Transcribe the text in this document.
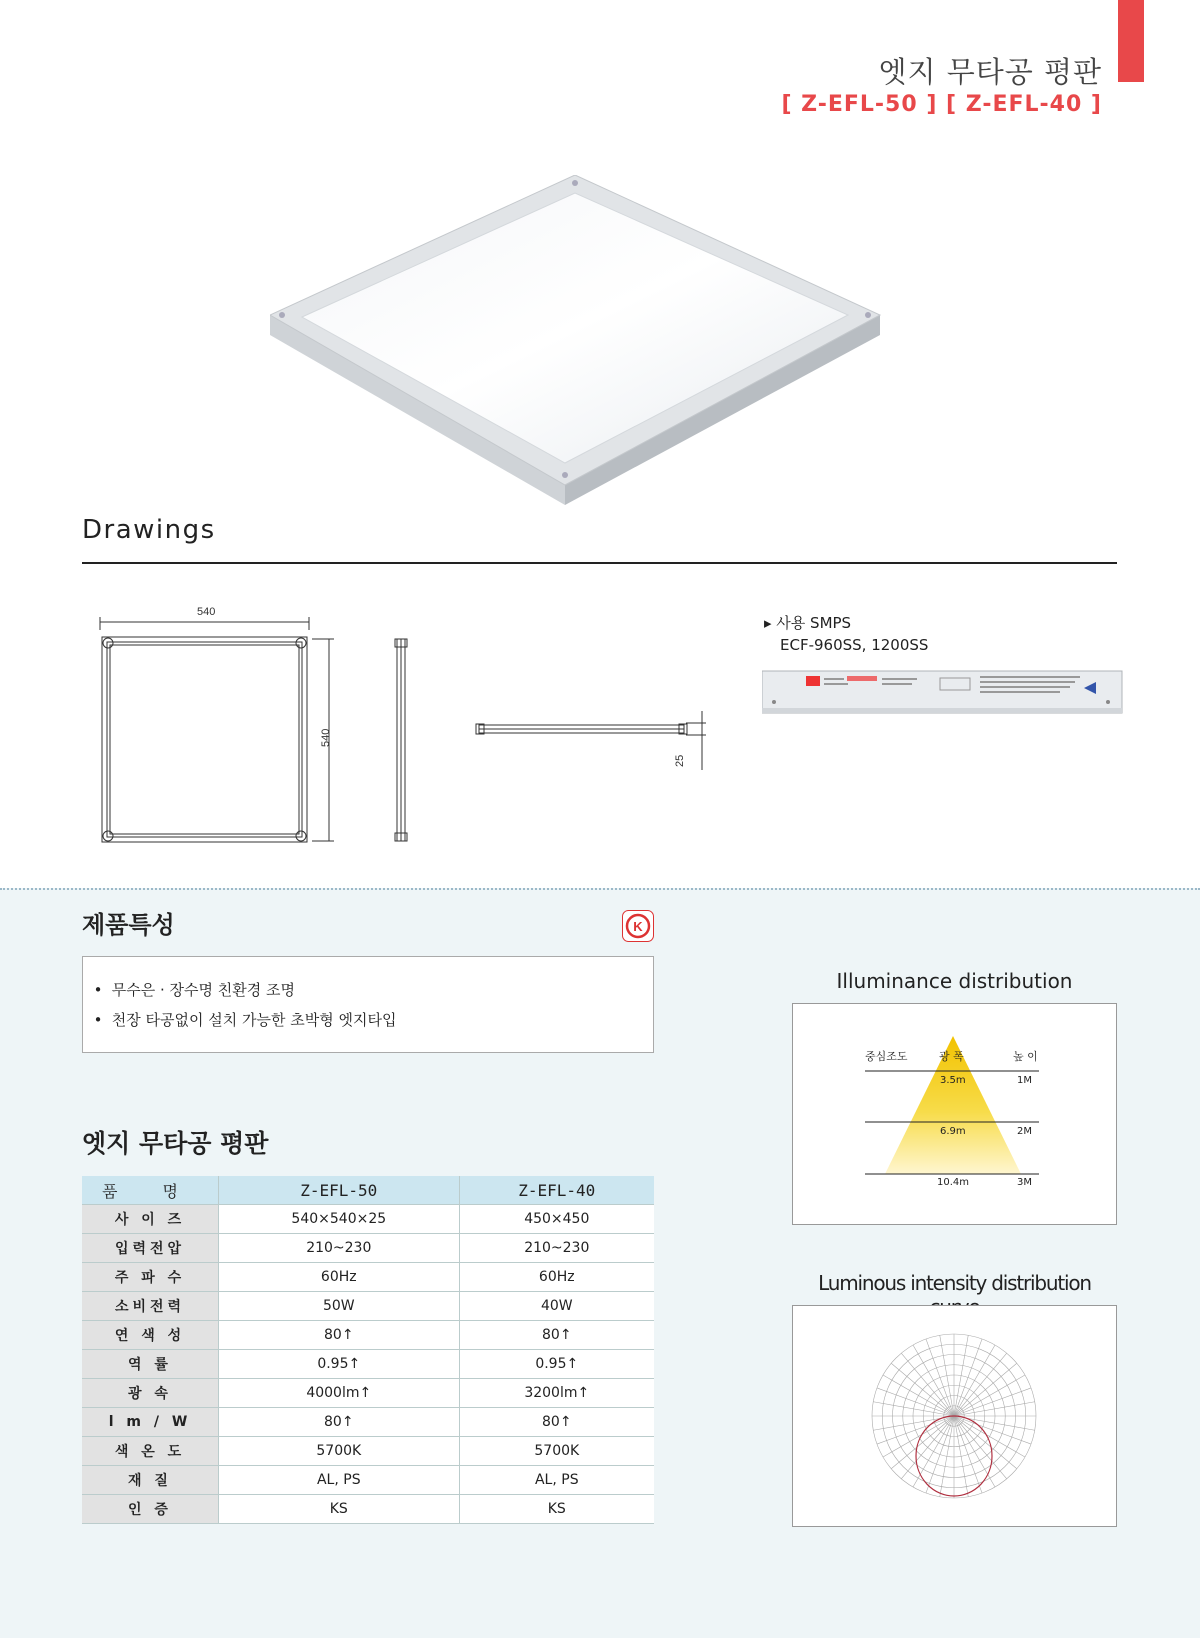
엣지 무타공 평판
[ Z-EFL-50 ] [ Z-EFL-40 ]
Drawings
540
540
25
▸ 사용 SMPS
ECF-960SS, 1200SS
제품특성	K
• 무수은 · 장수명 친환경 조명
• 천장 타공없이 설치 가능한 초박형 엣지타입
엣지 무타공 평판
품 명	Z-EFL-50	Z-EFL-40
사 이 즈	540×540×25	450×450
입력전압	210~230	210~230
주 파 수	60Hz	60Hz
소비전력	50W	40W
연 색 성	80↑	80↑
역 률	0.95↑	0.95↑
광 속	4000lm↑	3200lm↑
l m / W	80↑	80↑
색 온 도	5700K	5700K
재 질	AL, PS	AL, PS
인 증	KS	KS
Illuminance distribution
중심조도	광 폭	높 이
3.5m	1M
6.9m	2M
10.4m	3M
Luminous intensity distribution
